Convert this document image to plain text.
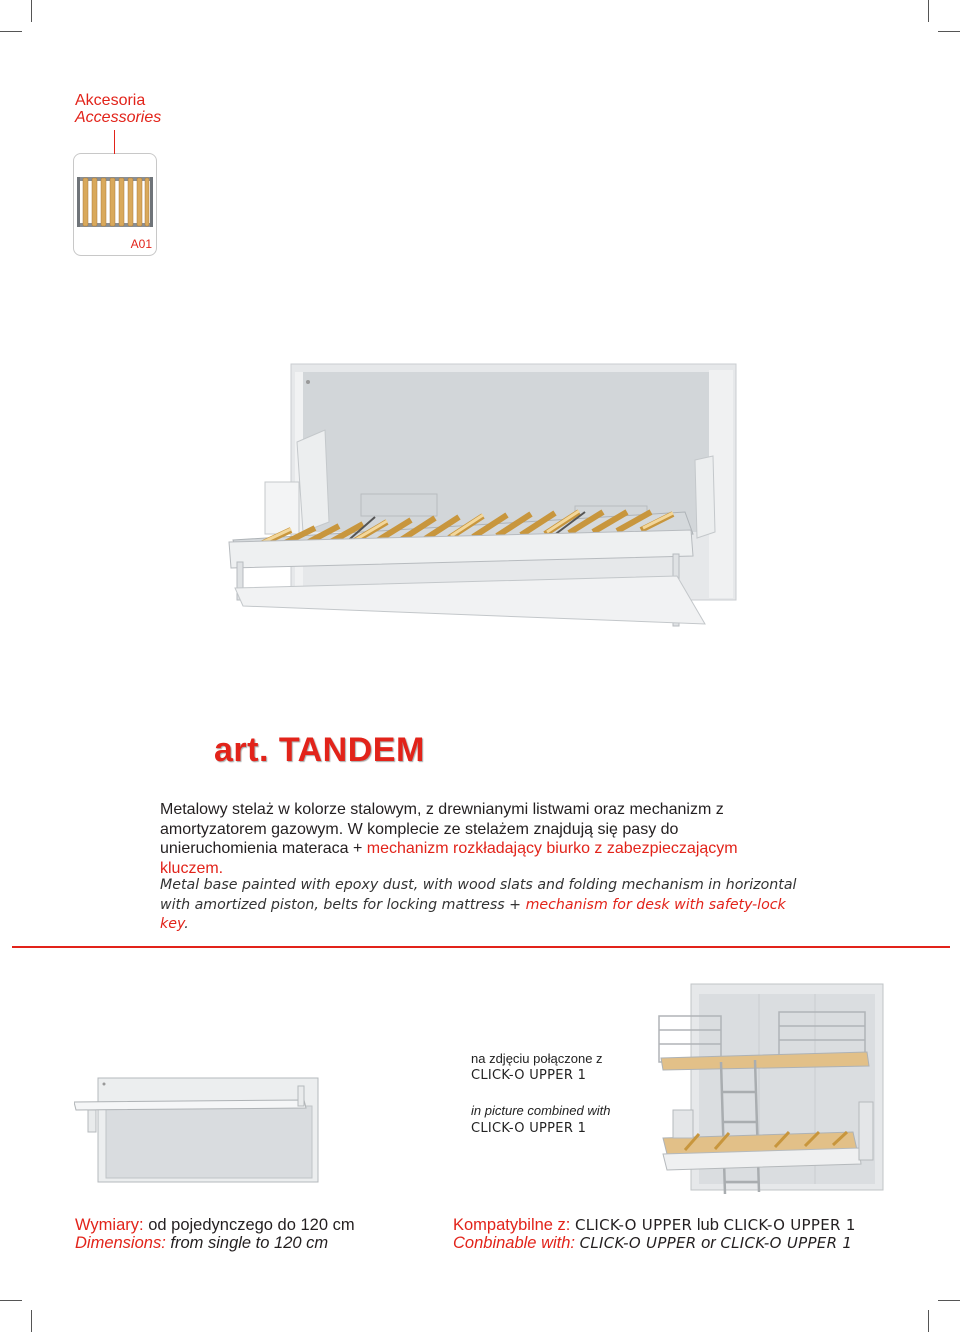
Akcesoria
Accessories
A01
art. TANDEM
Metalowy stelaż w kolorze stalowym, z drewnianymi listwami oraz mechanizm z amortyzatorem gazowym. W komplecie ze stelażem znajdują się pasy do unieruchomienia materaca + mechanizm rozkładający biurko z zabezpieczającym kluczem.
Metal base painted with epoxy dust, with wood slats and folding mechanism in horizontal with amortized piston, belts for locking mattress + mechanism for desk with safety-lock key.
na zdjęciu połączone z
CLICK-O UPPER 1
in picture combined with
CLICK-O UPPER 1
Wymiary: od pojedynczego do 120 cm
Dimensions: from single to 120 cm
Kompatybilne z: CLICK-O UPPER lub CLICK-O UPPER 1
Conbinable with: CLICK-O UPPER or CLICK-O UPPER 1
